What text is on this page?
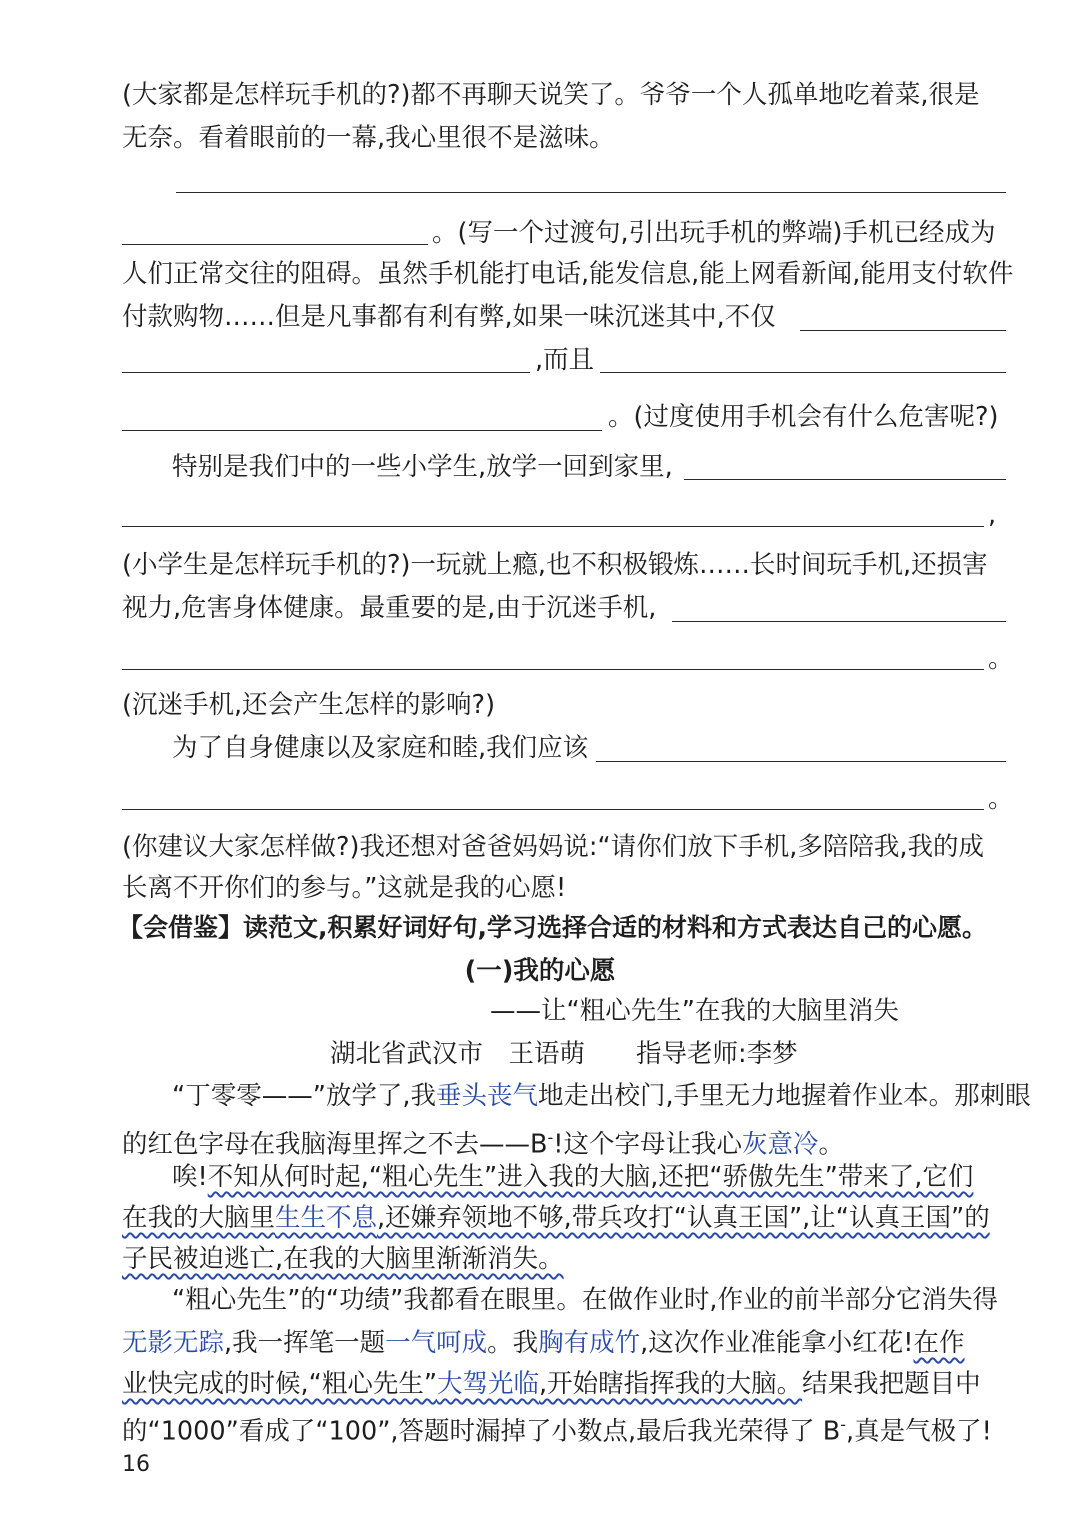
(大家都是怎样玩手机的?)都不再聊天说笑了。爷爷一个人孤单地吃着菜,很是
无奈。看着眼前的一幕,我心里很不是滋味。
。(写一个过渡句,引出玩手机的弊端)手机已经成为
人们正常交往的阻碍。虽然手机能打电话,能发信息,能上网看新闻,能用支付软件
付款购物……但是凡事都有利有弊,如果一味沉迷其中,不仅
,而且
。(过度使用手机会有什么危害呢?)
特别是我们中的一些小学生,放学一回到家里,
,
(小学生是怎样玩手机的?)一玩就上瘾,也不积极锻炼……长时间玩手机,还损害
视力,危害身体健康。最重要的是,由于沉迷手机,
。
(沉迷手机,还会产生怎样的影响?)
为了自身健康以及家庭和睦,我们应该
。
(你建议大家怎样做?)我还想对爸爸妈妈说:“请你们放下手机,多陪陪我,我的成
长离不开你们的参与。”这就是我的心愿!
【会借鉴】读范文,积累好词好句,学习选择合适的材料和方式表达自己的心愿。
(一)我的心愿
——让“粗心先生”在我的大脑里消失
湖北省武汉市　王语萌　　指导老师:李梦
“丁零零——”放学了,我垂头丧气地走出校门,手里无力地握着作业本。那刺眼
的红色字母在我脑海里挥之不去——B-!这个字母让我心灰意冷。
唉!不知从何时起,“粗心先生”进入我的大脑,还把“骄傲先生”带来了,它们
在我的大脑里生生不息,还嫌弃领地不够,带兵攻打“认真王国”,让“认真王国”的
子民被迫逃亡,在我的大脑里渐渐消失。
“粗心先生”的“功绩”我都看在眼里。在做作业时,作业的前半部分它消失得
无影无踪,我一挥笔一题一气呵成。我胸有成竹,这次作业准能拿小红花!在作
业快完成的时候,“粗心先生”大驾光临,开始瞎指挥我的大脑。结果我把题目中
的“1000”看成了“100”,答题时漏掉了小数点,最后我光荣得了 B-,真是气极了!
16
